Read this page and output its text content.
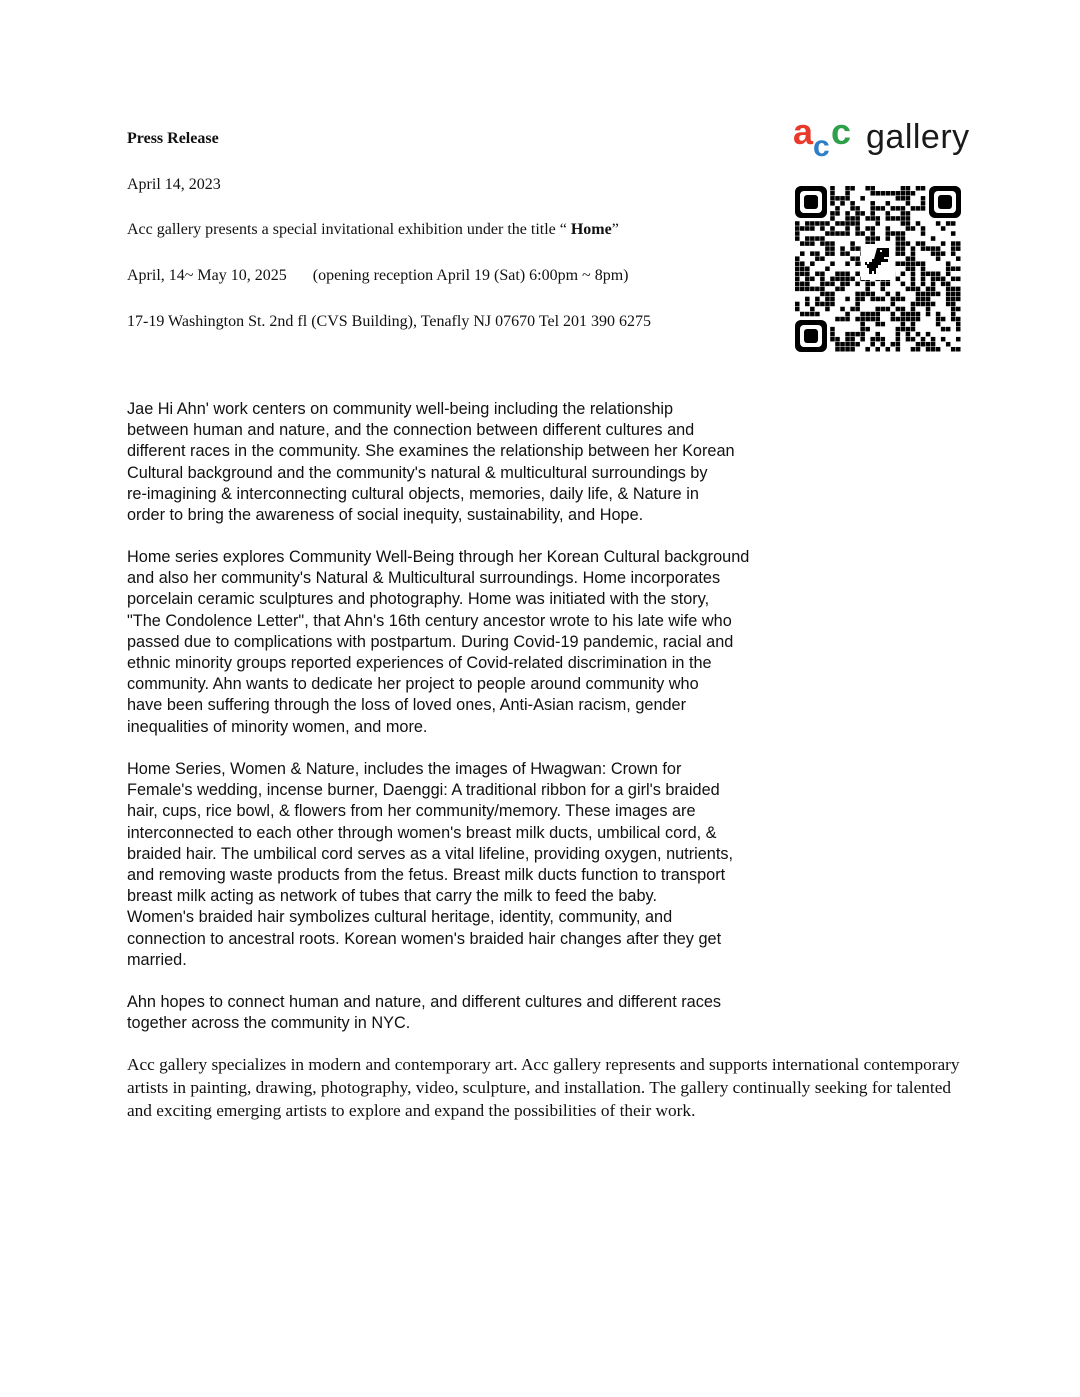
Press Release
April 14, 2023
Acc gallery presents a special invitational exhibition under the title “ Home”
April, 14~ May 10, 2025 (opening reception April 19 (Sat) 6:00pm ~ 8pm)
17-19 Washington St. 2nd fl (CVS Building), Tenafly NJ 07670 Tel 201 390 6275
a c c gallery

Jae Hi Ahn' work centers on community well-being including the relationship
between human and nature, and the connection between different cultures and
different races in the community. She examines the relationship between her Korean
Cultural background and the community's natural & multicultural surroundings by
re-imagining & interconnecting cultural objects, memories, daily life, & Nature in
order to bring the awareness of social inequity, sustainability, and Hope.

Home series explores Community Well-Being through her Korean Cultural background
and also her community's Natural & Multicultural surroundings. Home incorporates
porcelain ceramic sculptures and photography. Home was initiated with the story,
"The Condolence Letter", that Ahn's 16th century ancestor wrote to his late wife who
passed due to complications with postpartum. During Covid-19 pandemic, racial and
ethnic minority groups reported experiences of Covid-related discrimination in the
community. Ahn wants to dedicate her project to people around community who
have been suffering through the loss of loved ones, Anti-Asian racism, gender
inequalities of minority women, and more.

Home Series, Women & Nature, includes the images of Hwagwan: Crown for
Female's wedding, incense burner, Daenggi: A traditional ribbon for a girl's braided
hair, cups, rice bowl, & flowers from her community/memory. These images are
interconnected to each other through women's breast milk ducts, umbilical cord, &
braided hair. The umbilical cord serves as a vital lifeline, providing oxygen, nutrients,
and removing waste products from the fetus. Breast milk ducts function to transport
breast milk acting as network of tubes that carry the milk to feed the baby.
Women's braided hair symbolizes cultural heritage, identity, community, and
connection to ancestral roots. Korean women's braided hair changes after they get
married.

Ahn hopes to connect human and nature, and different cultures and different races
together across the community in NYC.

Acc gallery specializes in modern and contemporary art. Acc gallery represents and supports international contemporary artists in painting, drawing, photography, video, sculpture, and installation. The gallery continually seeking for talented and exciting emerging artists to explore and expand the possibilities of their work.
